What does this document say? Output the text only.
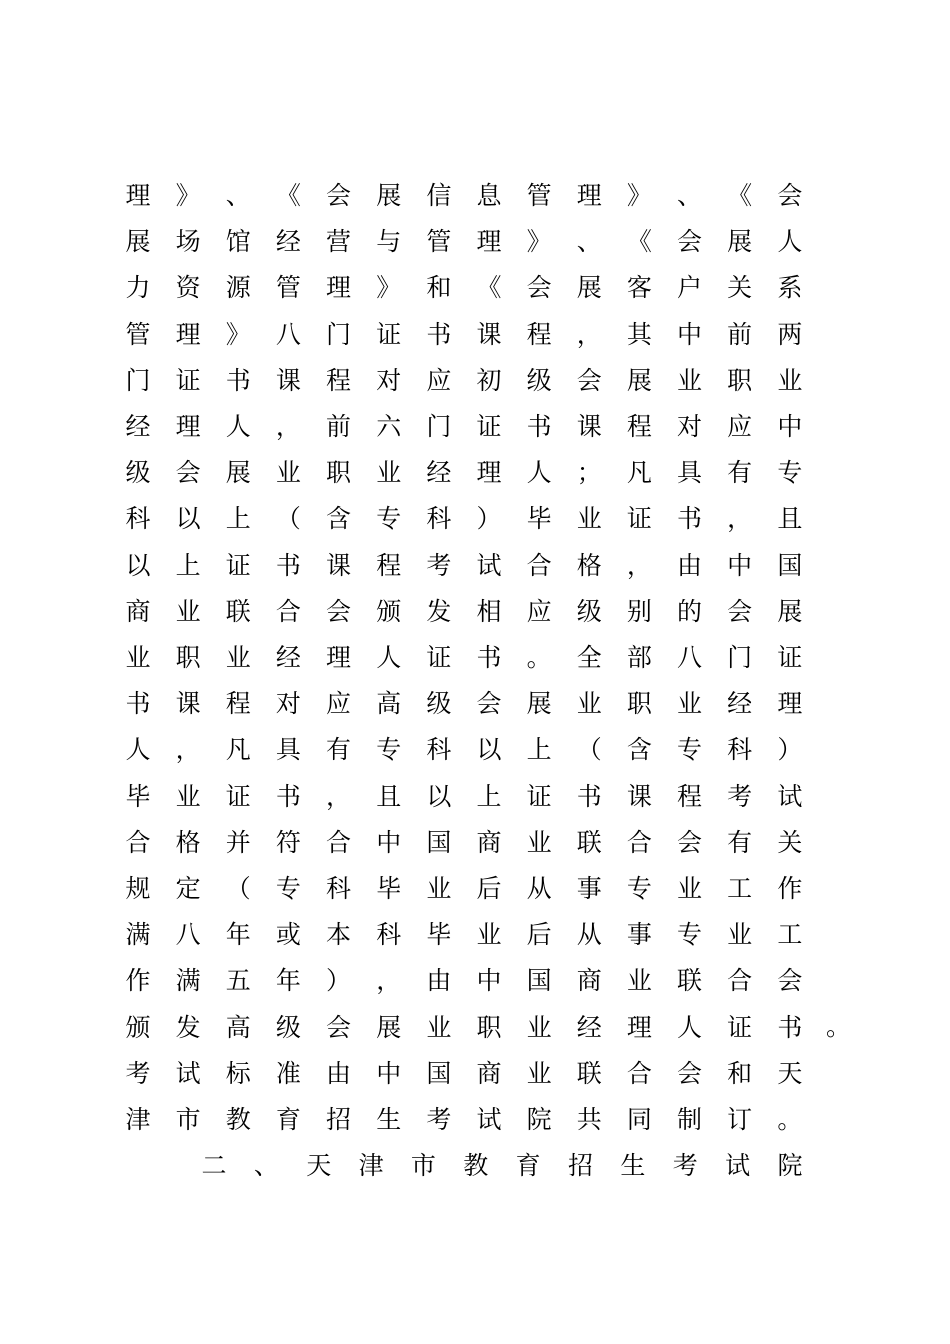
理 》 、 《 会 展 信 息 管 理 》 、 《 会
展 场 馆 经 营 与 管 理 》 、 《 会 展 人
力 资 源 管 理 》 和 《 会 展 客 户 关 系
管 理 》 八 门 证 书 课 程 ， 其 中 前 两
门 证 书 课 程 对 应 初 级 会 展 业 职 业
经 理 人 ， 前 六 门 证 书 课 程 对 应 中
级 会 展 业 职 业 经 理 人 ； 凡 具 有 专
科 以 上 （ 含 专 科 ） 毕 业 证 书 ， 且
以 上 证 书 课 程 考 试 合 格 ， 由 中 国
商 业 联 合 会 颁 发 相 应 级 别 的 会 展
业 职 业 经 理 人 证 书 。 全 部 八 门 证
书 课 程 对 应 高 级 会 展 业 职 业 经 理
人 ， 凡 具 有 专 科 以 上 （ 含 专 科 ）
毕 业 证 书 ， 且 以 上 证 书 课 程 考 试
合 格 并 符 合 中 国 商 业 联 合 会 有 关
规 定 （ 专 科 毕 业 后 从 事 专 业 工 作
满 八 年 或 本 科 毕 业 后 从 事 专 业 工
作 满 五 年 ） ， 由 中 国 商 业 联 合 会
颁 发 高 级 会 展 业 职 业 经 理 人 证 书
考 试 标 准 由 中 国 商 业 联 合 会 和 天
津 市 教 育 招 生 考 试 院 共 同 制 订 。
。
二 、 天 津 市 教 育 招 生 考 试 院
